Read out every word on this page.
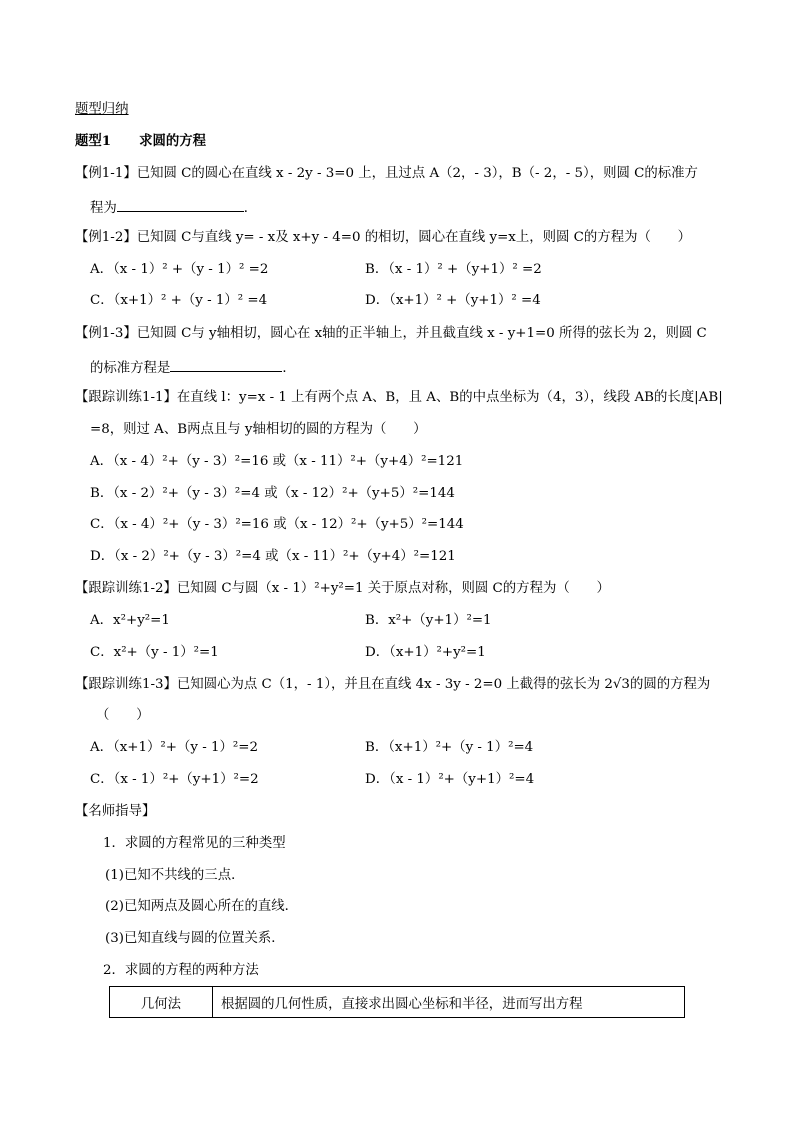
题型归纳
题型1 求圆的方程
【例1-1】已知圆 C的圆心在直线 x - 2y - 3=0 上，且过点 A（2，- 3），B（- 2，- 5），则圆 C的标准方
程为	．
【例1-2】已知圆 C与直线 y= - x及 x+y - 4=0 的相切，圆心在直线 y=x上，则圆 C的方程为（　　）
A．（x - 1）² +（y - 1）² =2	B．（x - 1）² +（y+1）² =2
C．（x+1）² +（y - 1）² =4	D．（x+1）² +（y+1）² =4
【例1-3】已知圆 C与 y轴相切，圆心在 x轴的正半轴上，并且截直线 x - y+1=0 所得的弦长为 2，则圆 C
的标准方程是	．
【跟踪训练1-1】在直线 l：y=x - 1 上有两个点 A、B，且 A、B的中点坐标为（4，3），线段 AB的长度|AB|
=8，则过 A、B两点且与 y轴相切的圆的方程为（　　）
A．（x - 4）²+（y - 3）²=16 或（x - 11）²+（y+4）²=121
B．（x - 2）²+（y - 3）²=4 或（x - 12）²+（y+5）²=144
C．（x - 4）²+（y - 3）²=16 或（x - 12）²+（y+5）²=144
D．（x - 2）²+（y - 3）²=4 或（x - 11）²+（y+4）²=121
【跟踪训练1-2】已知圆 C与圆（x - 1）²+y²=1 关于原点对称，则圆 C的方程为（　　）
A．x²+y²=1	B．x²+（y+1）²=1
C．x²+（y - 1）²=1	D．（x+1）²+y²=1
【跟踪训练1-3】已知圆心为点 C（1，- 1），并且在直线 4x - 3y - 2=0 上截得的弦长为 2√3的圆的方程为
（　　）
A．（x+1）²+（y - 1）²=2	B．（x+1）²+（y - 1）²=4
C．（x - 1）²+（y+1）²=2	D．（x - 1）²+（y+1）²=4
【名师指导】
1．求圆的方程常见的三种类型
(1)已知不共线的三点．
(2)已知两点及圆心所在的直线．
(3)已知直线与圆的位置关系．
2．求圆的方程的两种方法
几何法	根据圆的几何性质，直接求出圆心坐标和半径，进而写出方程
